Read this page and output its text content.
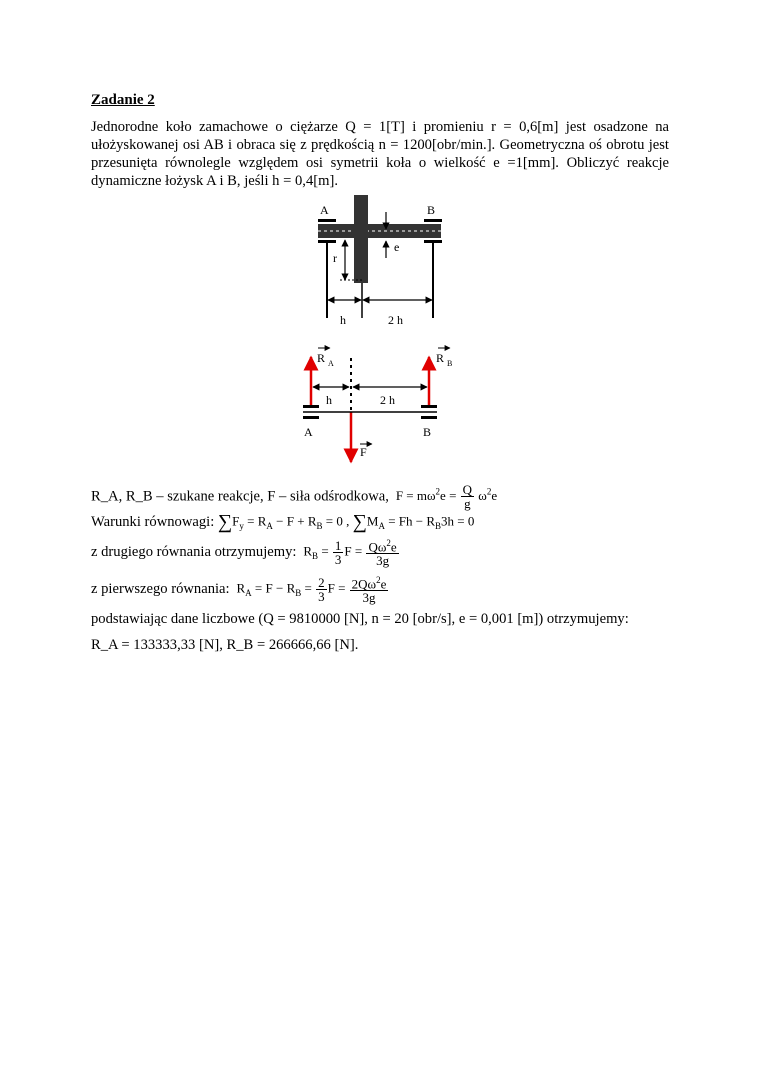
Zadanie 2
Jednorodne koło zamachowe o ciężarze Q = 1[T] i promieniu r = 0,6[m] jest osadzone na ułożyskowanej osi AB i obraca się z prędkością n = 1200[obr/min.]. Geometryczna oś obrotu jest przesunięta równolegle względem osi symetrii koła o wielkość e =1[mm]. Obliczyć reakcje dynamiczne łożysk A i B, jeśli h = 0,4[m].
A	B
e
r
h	2 h
R $_A$	R $_B$
h	2 h
A	B
F
R_A, R_B – szukane reakcje, F – siła odśrodkowa,  $F = m\omega^2e = \frac{Q}{g} \omega^2e$
Warunki równowagi: $\sum F_y = R_A - F + R_B = 0$ , $\sum M_A = Fh - R_B3h = 0$
z drugiego równania otrzymujemy:  $R_B = \frac{1}{3}$ $F = \frac{Q\omega^2e}{3g}$
z pierwszego równania:  $R_A = F - R_B = \frac{2}{3}$ $F = \frac{2Q\omega^2e}{3g}$
podstawiając dane liczbowe (Q = 9810000 [N], n = 20 [obr/s], e = 0,001 [m]) otrzymujemy:
R_A = 133333,33 [N], R_B = 266666,66 [N].
